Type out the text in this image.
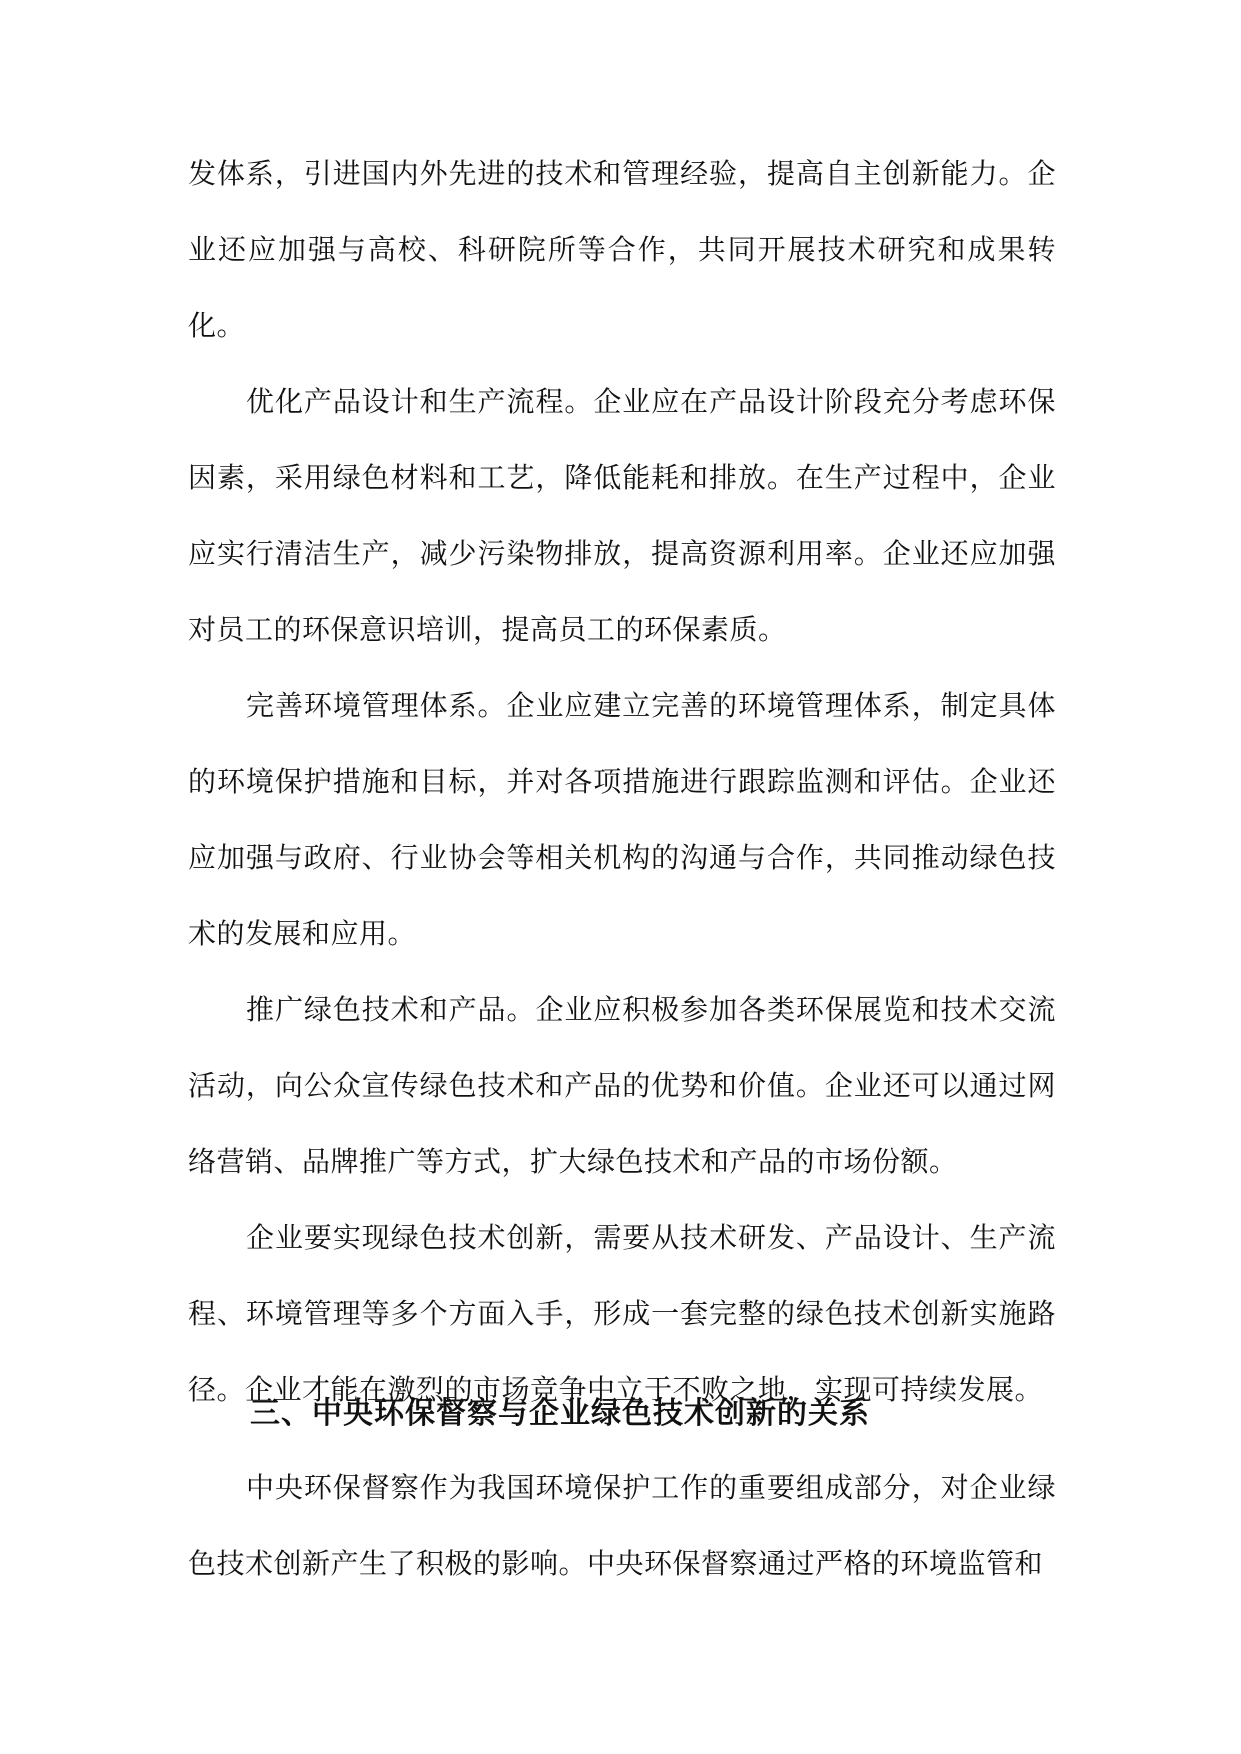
发体系，引进国内外先进的技术和管理经验，提高自主创新能力。企业还应加强与高校、科研院所等合作，共同开展技术研究和成果转化。

优化产品设计和生产流程。企业应在产品设计阶段充分考虑环保因素，采用绿色材料和工艺，降低能耗和排放。在生产过程中，企业应实行清洁生产，减少污染物排放，提高资源利用率。企业还应加强对员工的环保意识培训，提高员工的环保素质。

完善环境管理体系。企业应建立完善的环境管理体系，制定具体的环境保护措施和目标，并对各项措施进行跟踪监测和评估。企业还应加强与政府、行业协会等相关机构的沟通与合作，共同推动绿色技术的发展和应用。

推广绿色技术和产品。企业应积极参加各类环保展览和技术交流活动，向公众宣传绿色技术和产品的优势和价值。企业还可以通过网络营销、品牌推广等方式，扩大绿色技术和产品的市场份额。

企业要实现绿色技术创新，需要从技术研发、产品设计、生产流程、环境管理等多个方面入手，形成一套完整的绿色技术创新实施路径。企业才能在激烈的市场竞争中立于不败之地，实现可持续发展。

三、中央环保督察与企业绿色技术创新的关系

中央环保督察作为我国环境保护工作的重要组成部分，对企业绿色技术创新产生了积极的影响。中央环保督察通过严格的环境监管和
